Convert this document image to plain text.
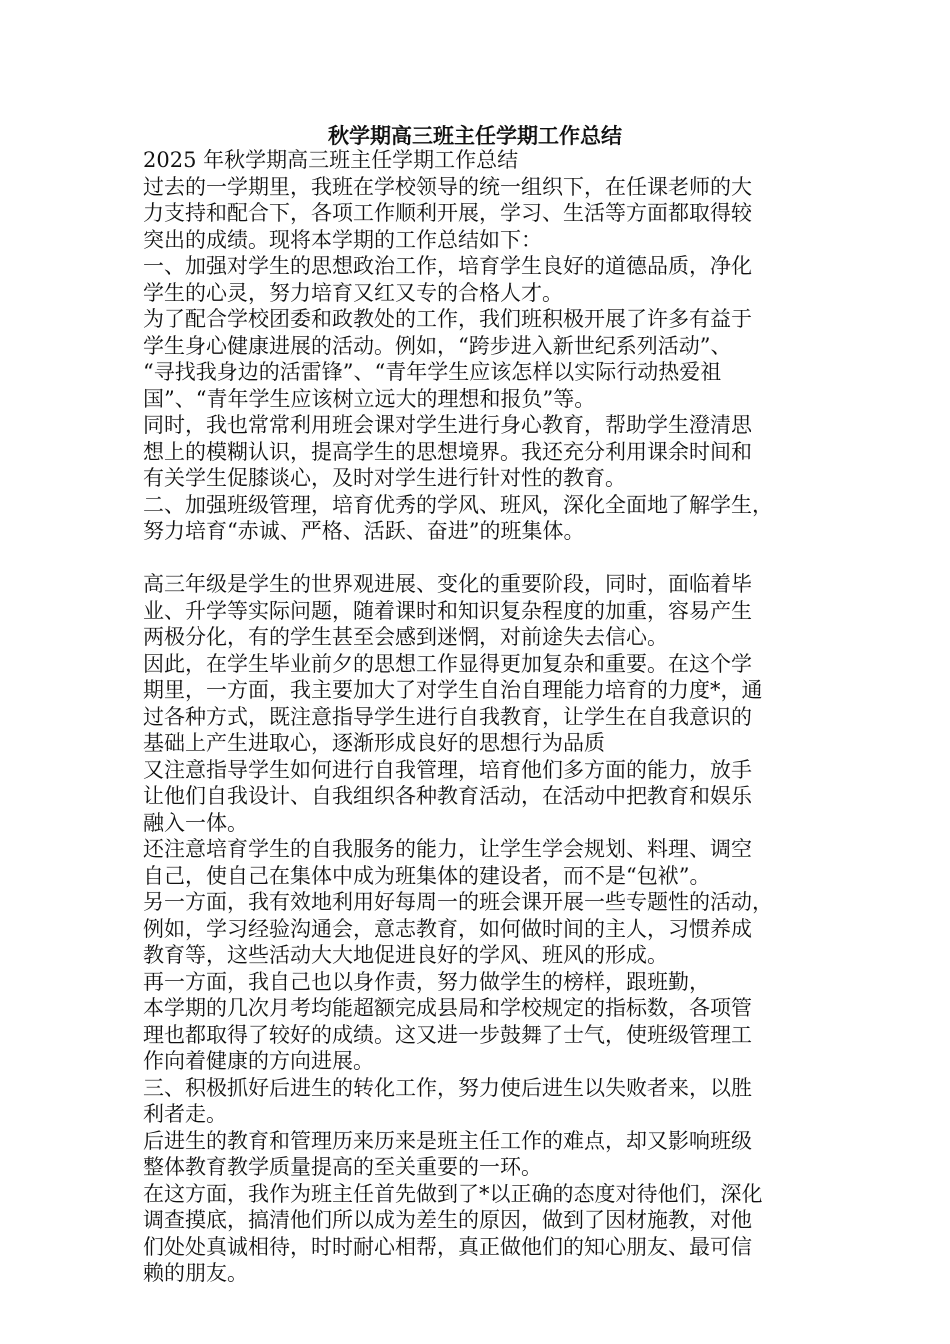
秋学期高三班主任学期工作总结

2025 年秋学期高三班主任学期工作总结

过去的一学期里，我班在学校领导的统一组织下，在任课老师的大
力支持和配合下，各项工作顺利开展，学习、生活等方面都取得较
突出的成绩。现将本学期的工作总结如下：

一、加强对学生的思想政治工作，培育学生良好的道德品质，净化
学生的心灵，努力培育又红又专的合格人才。

为了配合学校团委和政教处的工作，我们班积极开展了许多有益于
学生身心健康进展的活动。例如，“跨步进入新世纪系列活动”、
“寻找我身边的活雷锋”、“青年学生应该怎样以实际行动热爱祖
国”、“青年学生应该树立远大的理想和报负”等。

同时，我也常常利用班会课对学生进行身心教育，帮助学生澄清思
想上的模糊认识，提高学生的思想境界。我还充分利用课余时间和
有关学生促膝谈心，及时对学生进行针对性的教育。

二、加强班级管理，培育优秀的学风、班风，深化全面地了解学生，
努力培育“赤诚、严格、活跃、奋进”的班集体。

高三年级是学生的世界观进展、变化的重要阶段，同时，面临着毕
业、升学等实际问题，随着课时和知识复杂程度的加重，容易产生
两极分化，有的学生甚至会感到迷惘，对前途失去信心。

因此，在学生毕业前夕的思想工作显得更加复杂和重要。在这个学
期里，一方面，我主要加大了对学生自治自理能力培育的力度*，通
过各种方式，既注意指导学生进行自我教育，让学生在自我意识的
基础上产生进取心，逐渐形成良好的思想行为品质

又注意指导学生如何进行自我管理，培育他们多方面的能力，放手
让他们自我设计、自我组织各种教育活动，在活动中把教育和娱乐
融入一体。

还注意培育学生的自我服务的能力，让学生学会规划、料理、调空
自己，使自己在集体中成为班集体的建设者，而不是“包袱”。

另一方面，我有效地利用好每周一的班会课开展一些专题性的活动，
例如，学习经验沟通会，意志教育，如何做时间的主人，习惯养成
教育等，这些活动大大地促进良好的学风、班风的形成。

再一方面，我自己也以身作责，努力做学生的榜样，跟班勤，

本学期的几次月考均能超额完成县局和学校规定的指标数，各项管
理也都取得了较好的成绩。这又进一步鼓舞了士气，使班级管理工
作向着健康的方向进展。

三、积极抓好后进生的转化工作，努力使后进生以失败者来，以胜
利者走。

后进生的教育和管理历来历来是班主任工作的难点，却又影响班级
整体教育教学质量提高的至关重要的一环。

在这方面，我作为班主任首先做到了*以正确的态度对待他们，深化
调查摸底，搞清他们所以成为差生的原因，做到了因材施教，对他
们处处真诚相待，时时耐心相帮，真正做他们的知心朋友、最可信
赖的朋友。
